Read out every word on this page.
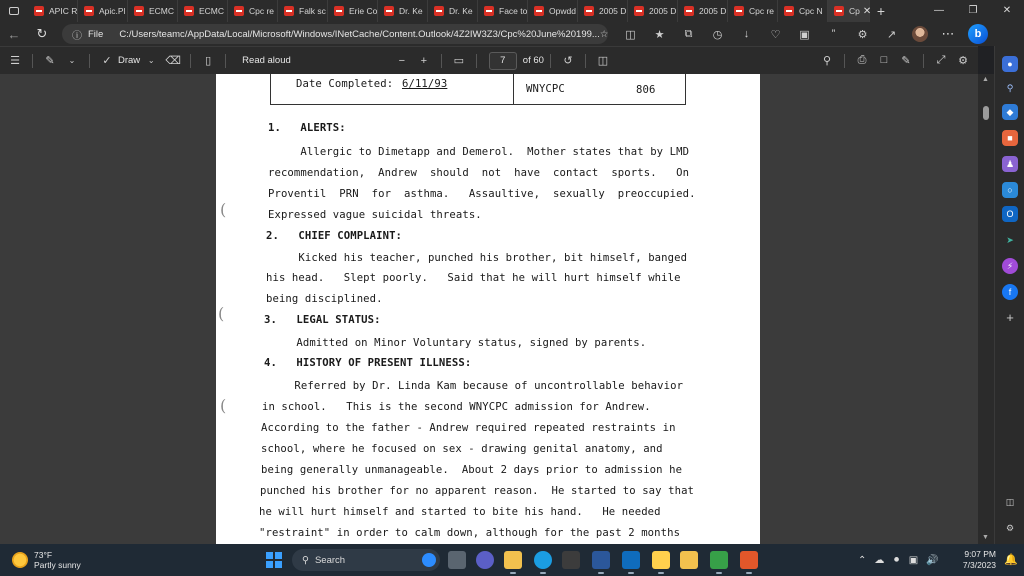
APIC R	Apic.Pl	ECMC	ECMC	Cpc re	Falk sc	Erie Co	Dr. Ke	Dr. Ke	Face to	Opwdd	2005 D	2005 D	2005 D	Cpc re	Cpc N	Cp ✕ +	—	❐	✕
←	↻	ⓘ File C:/Users/teamc/AppData/Local/Microsoft/Windows/INetCache/Content.Outlook/4Z2IW3Z3/Cpc%20June%20199... ☆	◫	★	⧉	◷	↓	♡	▣	”	⚙	↗	⋯	b
☰	✎	⌄	✓ Draw ⌄ ⌫	▯	Read aloud	−	+	▭	7	of 60	↺	◫	⚲	⎙	□	✎	⤢	⚙	●
⚲
◆
■
♟
○
O
➤
⚡
f
+
◫
⚙
Date Completed: 6/11/93	WNYCPC	806
1.   ALERTS:
Allergic to Dimetapp and Demerol.  Mother states that by LMD
recommendation,  Andrew  should  not  have  contact  sports.   On
Proventil  PRN  for  asthma.   Assaultive,  sexually  preoccupied.
Expressed vague suicidal threats.
2.   CHIEF COMPLAINT:
Kicked his teacher, punched his brother, bit himself, banged
his head.   Slept poorly.   Said that he will hurt himself while
being disciplined.
3.   LEGAL STATUS:
Admitted on Minor Voluntary status, signed by parents.
4.   HISTORY OF PRESENT ILLNESS:
Referred by Dr. Linda Kam because of uncontrollable behavior
in school.   This is the second WNYCPC admission for Andrew.
According to the father - Andrew required repeated restraints in
school, where he focused on sex - drawing genital anatomy, and
being generally unmanageable.  About 2 days prior to admission he
punched his brother for no apparent reason.  He started to say that
he will hurt himself and started to bite his hand.   He needed
"restraint" in order to calm down, although for the past 2 months
(
(
(
▲
▼
73°F
Partly sunny	⚲ Search	⌃ ☁ ⚫ ▣ 🔊
9:07 PM
7/3/2023 🔔
